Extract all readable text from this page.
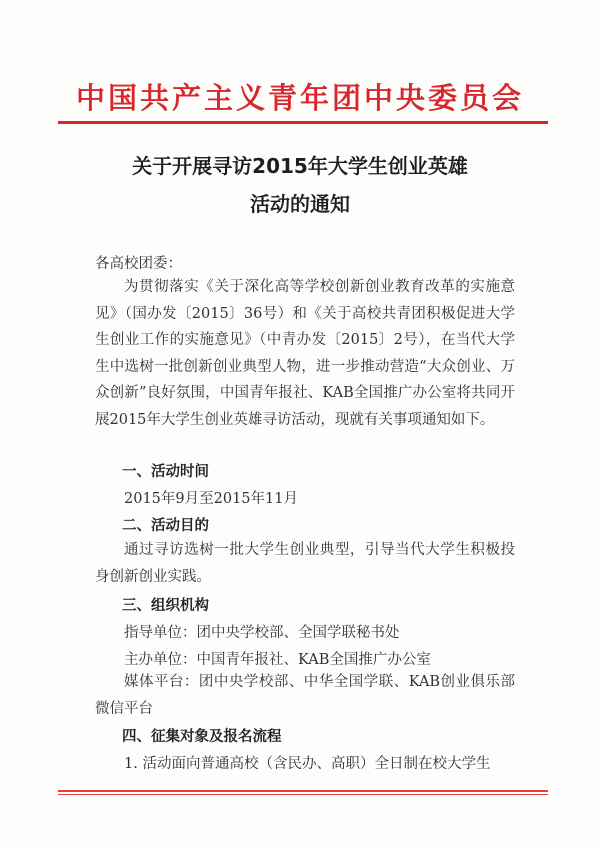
中国共产主义青年团中央委员会
关于开展寻访2015年大学生创业英雄
活动的通知
各高校团委：
为贯彻落实《关于深化高等学校创新创业教育改革的实施意见》（国办发〔2015〕36号）和《关于高校共青团积极促进大学生创业工作的实施意见》（中青办发〔2015〕2号），在当代大学生中选树一批创新创业典型人物，进一步推动营造“大众创业、万众创新”良好氛围，中国青年报社、KAB全国推广办公室将共同开展2015年大学生创业英雄寻访活动，现就有关事项通知如下。
一、活动时间
2015年9月至2015年11月
二、活动目的
通过寻访选树一批大学生创业典型，引导当代大学生积极投身创新创业实践。
三、组织机构
指导单位：团中央学校部、全国学联秘书处
主办单位：中国青年报社、KAB全国推广办公室
媒体平台：团中央学校部、中华全国学联、KAB创业俱乐部微信平台
四、征集对象及报名流程
1. 活动面向普通高校（含民办、高职）全日制在校大学生
